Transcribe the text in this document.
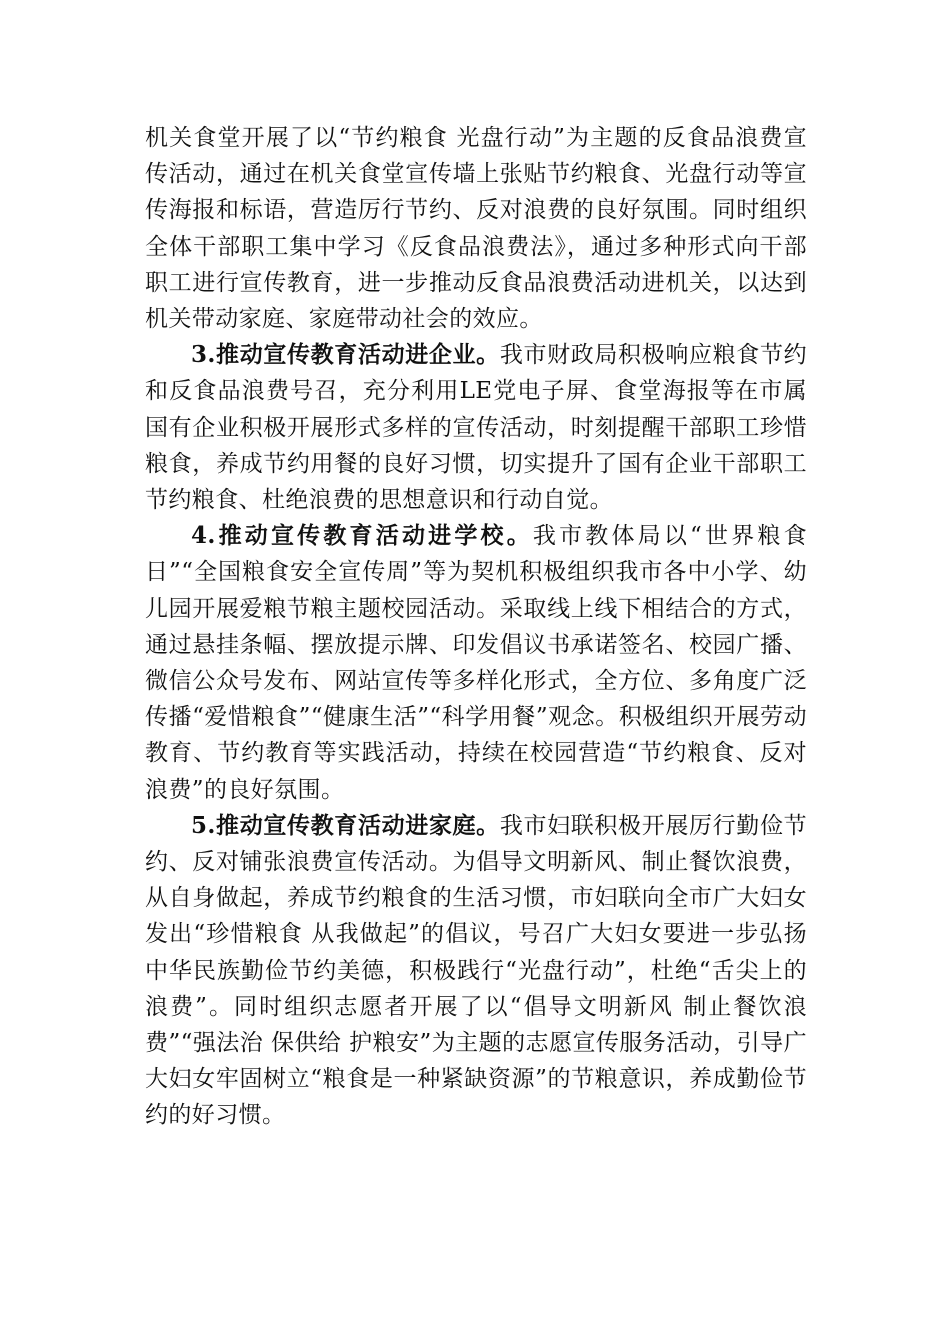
机关食堂开展了以“节约粮食 光盘行动”为主题的反食品浪费宣传活动，通过在机关食堂宣传墙上张贴节约粮食、光盘行动等宣传海报和标语，营造厉行节约、反对浪费的良好氛围。同时组织全体干部职工集中学习《反食品浪费法》，通过多种形式向干部职工进行宣传教育，进一步推动反食品浪费活动进机关，以达到机关带动家庭、家庭带动社会的效应。

3.推动宣传教育活动进企业。我市财政局积极响应粮食节约和反食品浪费号召，充分利用LE党电子屏、食堂海报等在市属国有企业积极开展形式多样的宣传活动，时刻提醒干部职工珍惜粮食，养成节约用餐的良好习惯，切实提升了国有企业干部职工节约粮食、杜绝浪费的思想意识和行动自觉。

4.推动宣传教育活动进学校。我市教体局以“世界粮食日”“全国粮食安全宣传周”等为契机积极组织我市各中小学、幼儿园开展爱粮节粮主题校园活动。采取线上线下相结合的方式，通过悬挂条幅、摆放提示牌、印发倡议书承诺签名、校园广播、微信公众号发布、网站宣传等多样化形式，全方位、多角度广泛传播“爱惜粮食”“健康生活”“科学用餐”观念。积极组织开展劳动教育、节约教育等实践活动，持续在校园营造“节约粮食、反对浪费”的良好氛围。

5.推动宣传教育活动进家庭。我市妇联积极开展厉行勤俭节约、反对铺张浪费宣传活动。为倡导文明新风、制止餐饮浪费，从自身做起，养成节约粮食的生活习惯，市妇联向全市广大妇女发出“珍惜粮食 从我做起”的倡议，号召广大妇女要进一步弘扬中华民族勤俭节约美德，积极践行“光盘行动”，杜绝“舌尖上的浪费”。同时组织志愿者开展了以“倡导文明新风 制止餐饮浪费”“强法治 保供给 护粮安”为主题的志愿宣传服务活动，引导广大妇女牢固树立“粮食是一种紧缺资源”的节粮意识，养成勤俭节约的好习惯。
